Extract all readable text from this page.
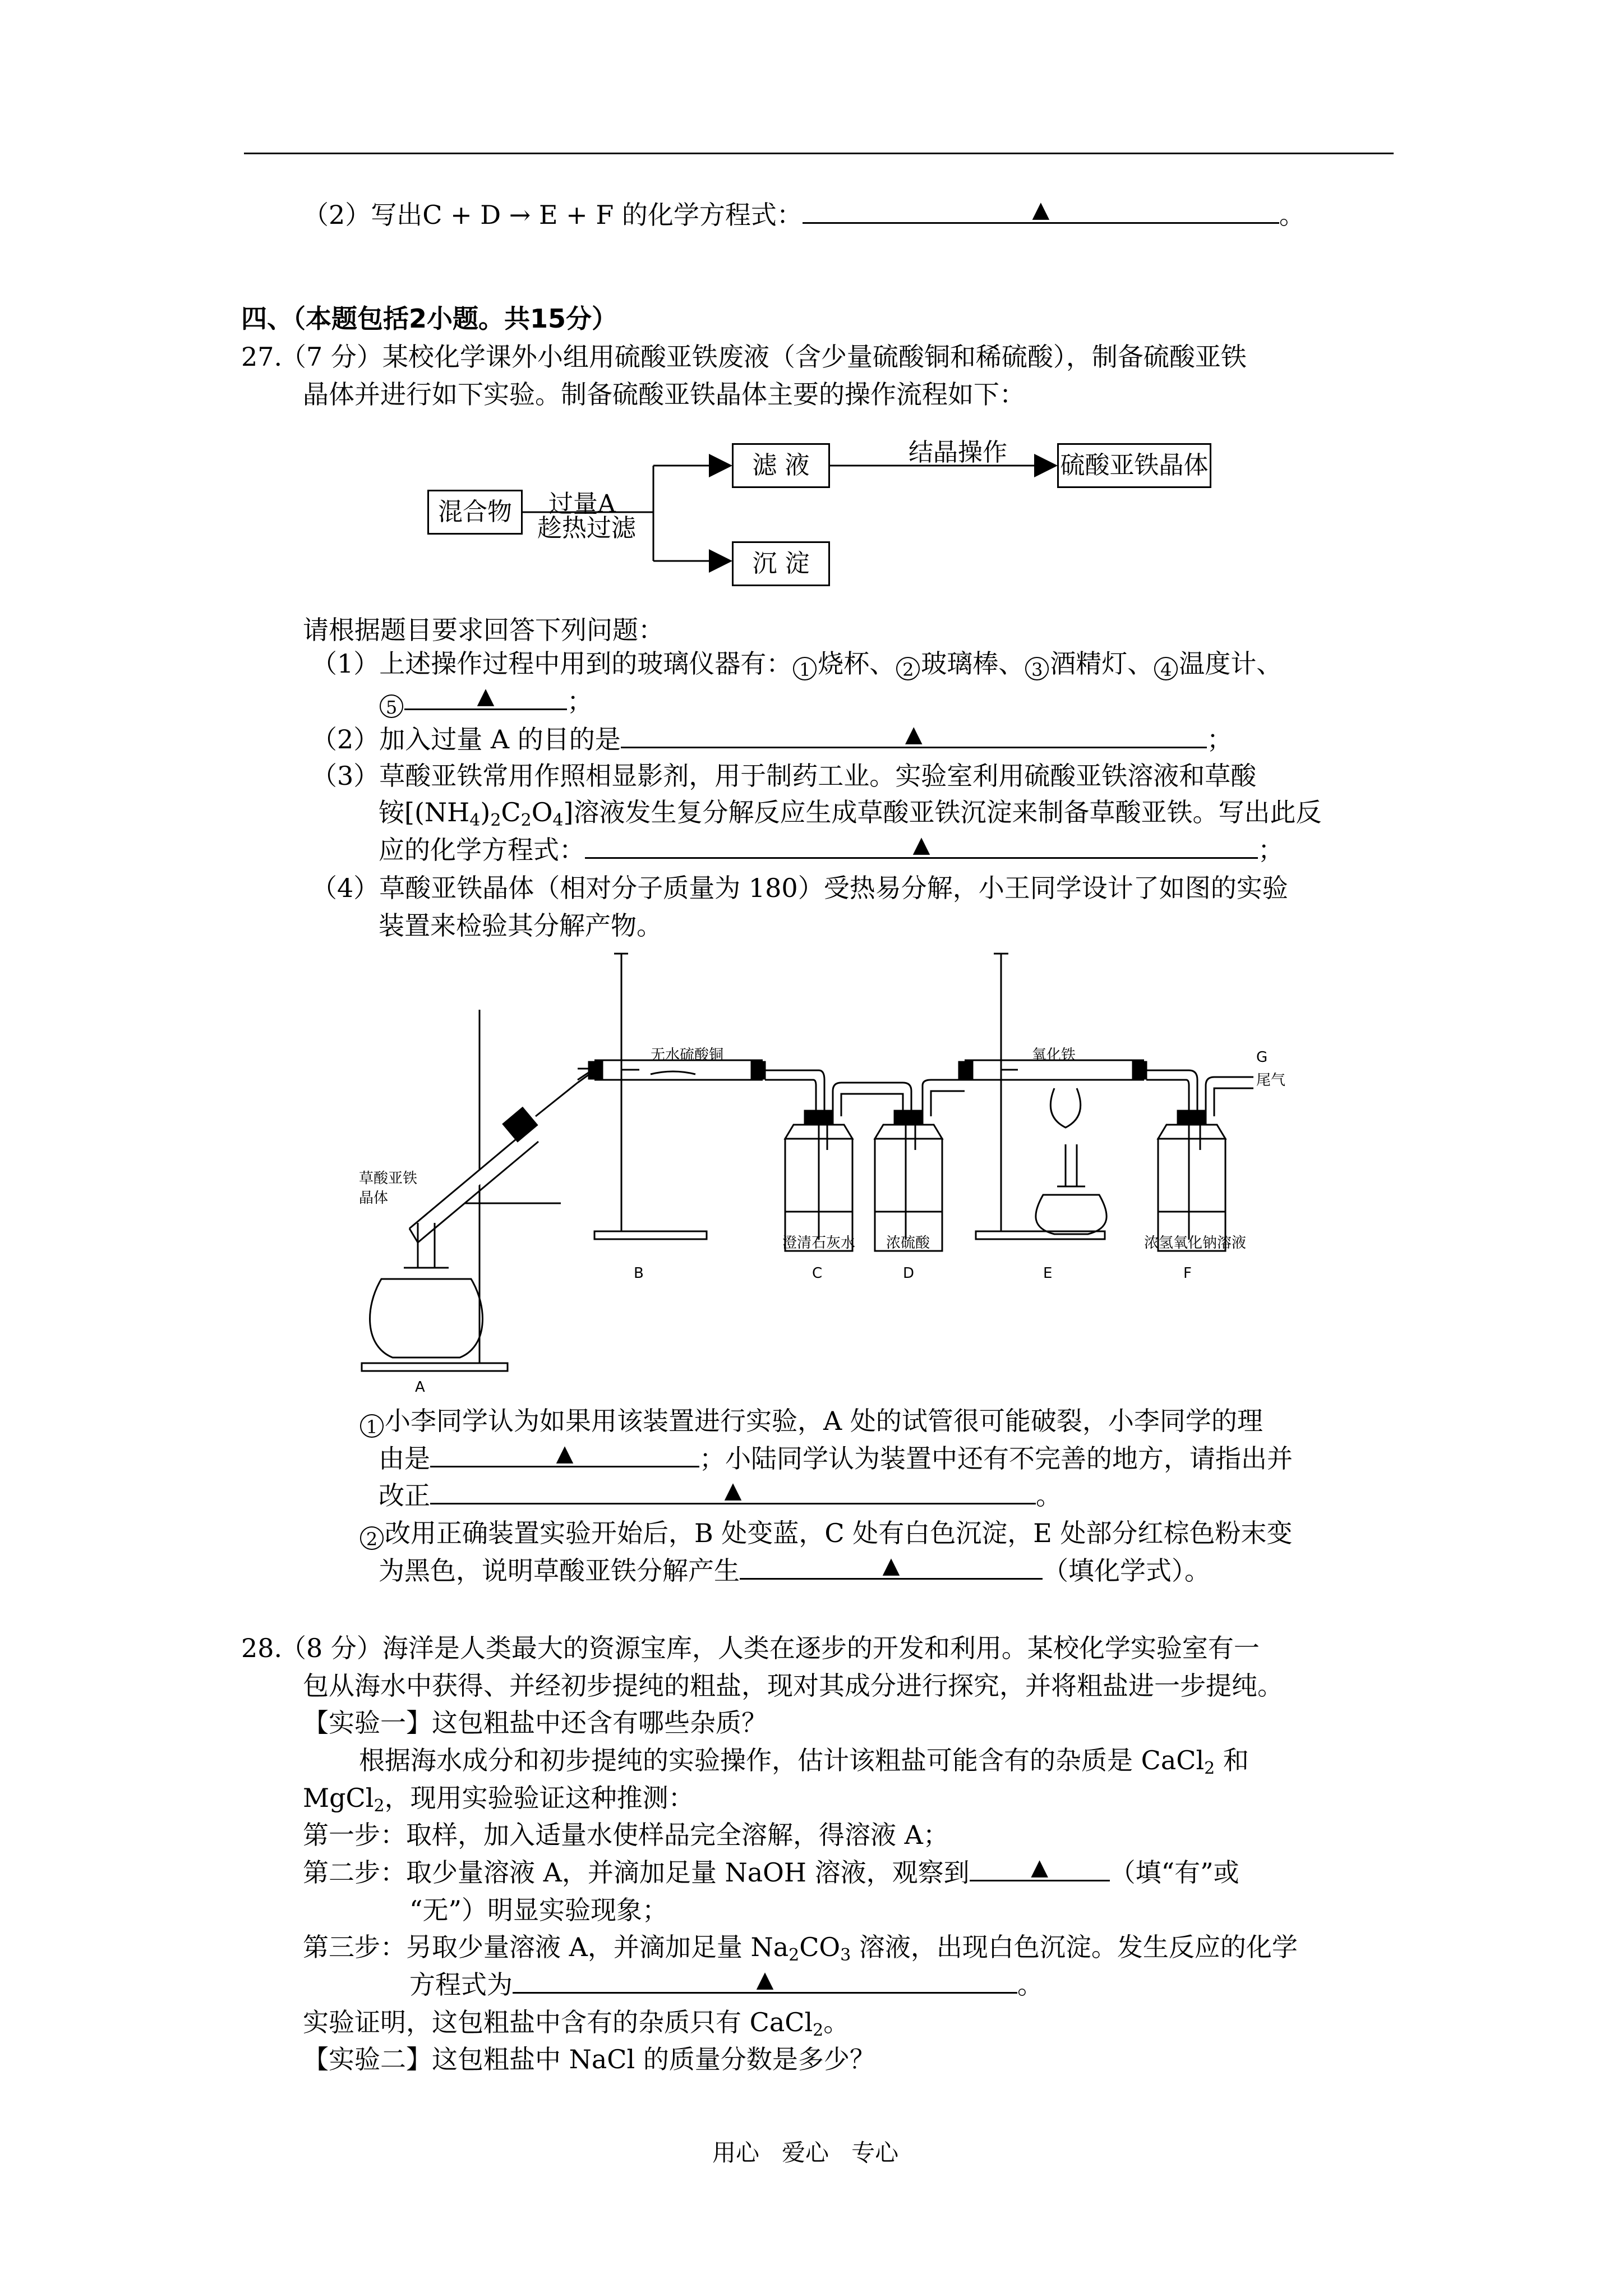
（2）写出C + D → E + F 的化学方程式：	▲	。
四、（本题包括2小题。共15分）
27.
（7 分）某校化学课外小组用硫酸亚铁废液（含少量硫酸铜和稀硫酸），制备硫酸亚铁
晶体并进行如下实验。制备硫酸亚铁晶体主要的操作流程如下：
混合物
滤 液
沉 淀
硫酸亚铁晶体
过量A
趁热过滤
结晶操作
请根据题目要求回答下列问题：
（1）上述操作过程中用到的玻璃仪器有： 1 烧杯、 2 玻璃棒、 3 酒精灯、 4 温度计、
5	▲	；
（2）加入过量 A 的目的是	▲	；
（3）草酸亚铁常用作照相显影剂，用于制药工业。实验室利用硫酸亚铁溶液和草酸
铵$[(NH_4)_2C_2O_4]$溶液发生复分解反应生成草酸亚铁沉淀来制备草酸亚铁。写出此反
应的化学方程式：	▲	；
（4）草酸亚铁晶体（相对分子质量为 180）受热易分解，小王同学设计了如图的实验
装置来检验其分解产物。
草酸亚铁
晶体
无水硫酸铜	氧化铁	G
尾气
澄清石灰水 浓硫酸	浓氢氧化钠溶液
A
B	C	D	E	F
1 小李同学认为如果用该装置进行实验，A 处的试管很可能破裂，小李同学的理
由是	▲	；小陆同学认为装置中还有不完善的地方，请指出并
改正	▲	。
2 改用正确装置实验开始后，B 处变蓝，C 处有白色沉淀，E 处部分红棕色粉末变
为黑色，说明草酸亚铁分解产生	▲	（填化学式）。
28.
（8 分）海洋是人类最大的资源宝库，人类在逐步的开发和利用。某校化学实验室有一
包从海水中获得、并经初步提纯的粗盐，现对其成分进行探究，并将粗盐进一步提纯。
【实验一】这包粗盐中还含有哪些杂质？
根据海水成分和初步提纯的实验操作，估计该粗盐可能含有的杂质是 CaCl$_2$ 和
MgCl$_2$，现用实验验证这种推测：
第一步：取样，加入适量水使样品完全溶解，得溶液 A；
第二步：取少量溶液 A，并滴加足量 NaOH 溶液，观察到	▲ （填“有”或
“无”）明显实验现象；
第三步：另取少量溶液 A，并滴加足量 $Na_2CO_3$ 溶液，出现白色沉淀。发生反应的化学
方程式为	▲	。
实验证明，这包粗盐中含有的杂质只有 CaCl$_2$。
【实验二】这包粗盐中 NaCl 的质量分数是多少？
用心   爱心   专心
